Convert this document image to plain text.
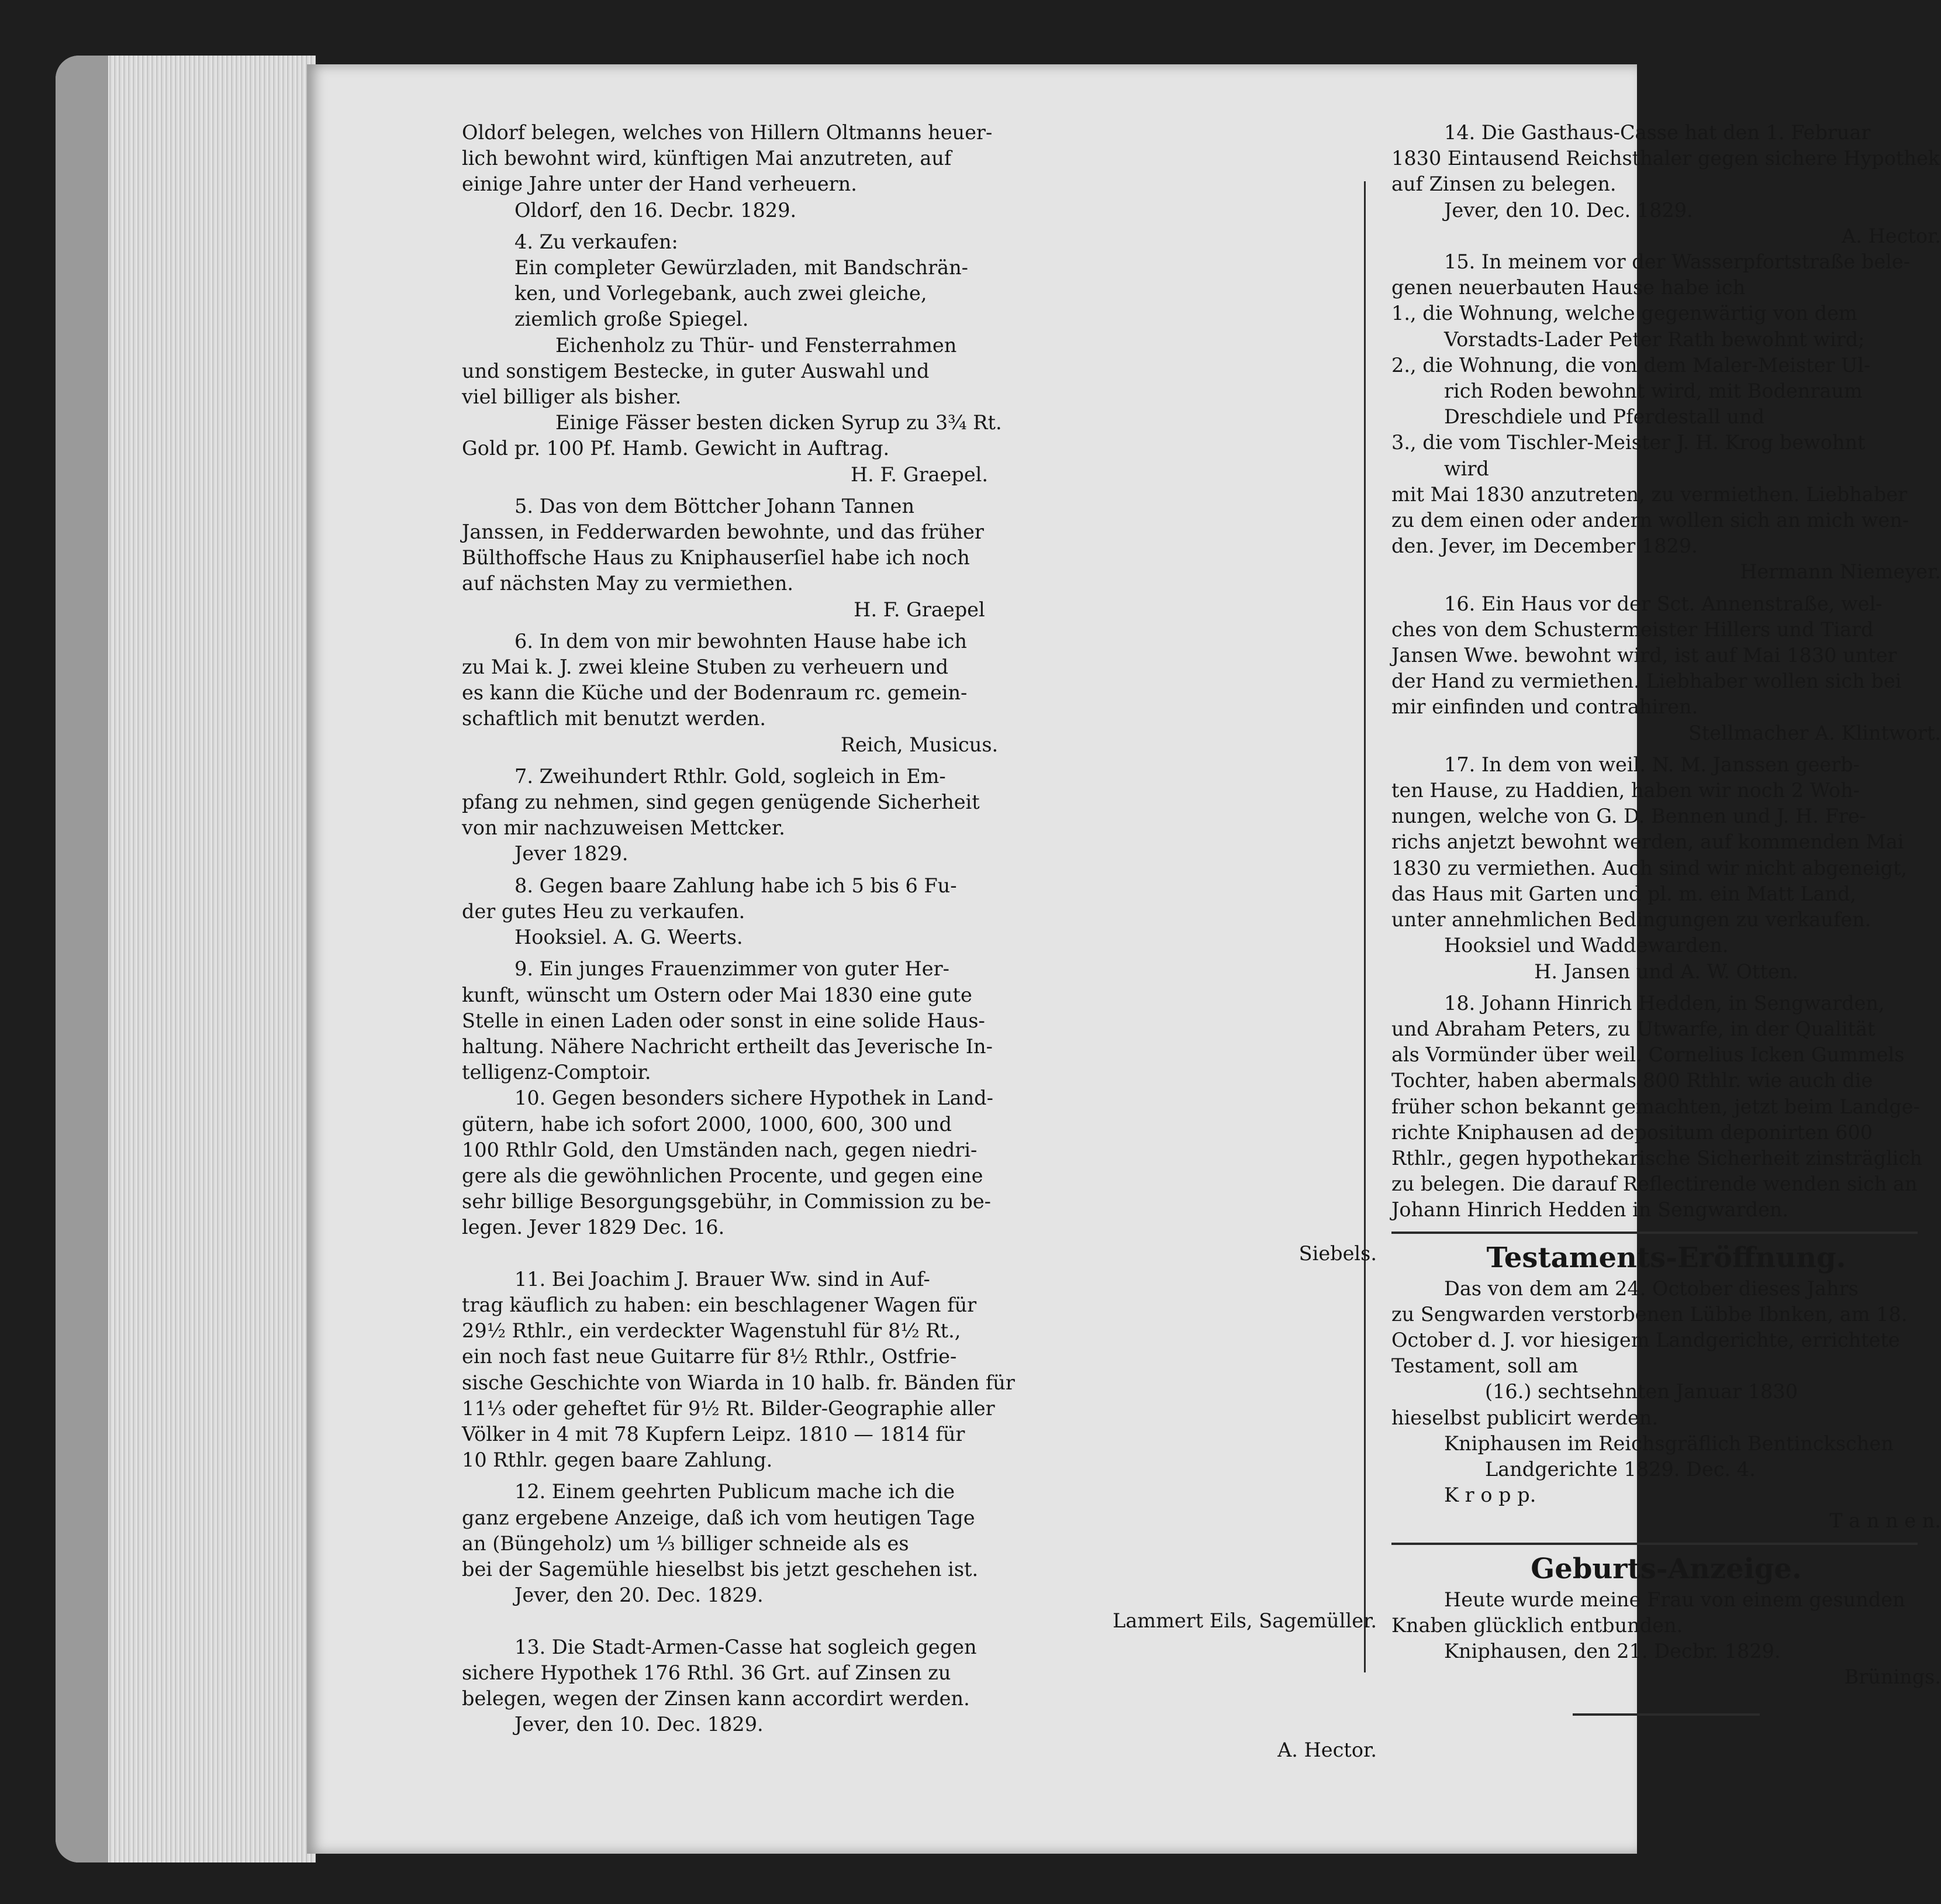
Oldorf belegen, welches von Hillern Oltmanns heuer-

lich bewohnt wird, künftigen Mai anzutreten, auf

einige Jahre unter der Hand verheuern.

Oldorf, den 16. Decbr. 1829.

4. Zu verkaufen:

Ein completer Gewürzladen, mit Bandschrän-

ken, und Vorlegebank, auch zwei gleiche,

ziemlich große Spiegel.

Eichenholz zu Thür- und Fensterrahmen

und sonstigem Bestecke, in guter Auswahl und

viel billiger als bisher.

Einige Fässer besten dicken Syrup zu 3¾ Rt.

Gold pr. 100 Pf. Hamb. Gewicht in Auftrag.

H. F. Graepel.

5. Das von dem Böttcher Johann Tannen

Janssen, in Fedderwarden bewohnte, und das früher

Bülthoffsche Haus zu Kniphauserſiel habe ich noch

auf nächsten May zu vermiethen.

H. F. Graepel

6. In dem von mir bewohnten Hause habe ich

zu Mai k. J. zwei kleine Stuben zu verheuern und

es kann die Küche und der Bodenraum rc. gemein-

schaftlich mit benutzt werden.

Reich, Musicus.

7. Zweihundert Rthlr. Gold, sogleich in Em-

pfang zu nehmen, sind gegen genügende Sicherheit

von mir nachzuweisen Mettcker.

Jever 1829.

8. Gegen baare Zahlung habe ich 5 bis 6 Fu-

der gutes Heu zu verkaufen.

Hooksiel. A. G. Weerts.

9. Ein junges Frauenzimmer von guter Her-

kunft, wünscht um Ostern oder Mai 1830 eine gute

Stelle in einen Laden oder sonst in eine solide Haus-

haltung. Nähere Nachricht ertheilt das Jeverische In-

telligenz-Comptoir.

10. Gegen besonders sichere Hypothek in Land-

gütern, habe ich sofort 2000, 1000, 600, 300 und

100 Rthlr Gold, den Umständen nach, gegen niedri-

gere als die gewöhnlichen Procente, und gegen eine

sehr billige Besorgungsgebühr, in Commission zu be-

legen. Jever 1829 Dec. 16.

Siebels.

11. Bei Joachim J. Brauer Ww. sind in Auf-

trag käuflich zu haben: ein beschlagener Wagen für

29½ Rthlr., ein verdeckter Wagenstuhl für 8½ Rt.,

ein noch fast neue Guitarre für 8½ Rthlr., Ostfrie-

sische Geschichte von Wiarda in 10 halb. fr. Bänden für

11⅓ oder geheftet für 9½ Rt. Bilder-Geographie aller

Völker in 4 mit 78 Kupfern Leipz. 1810 — 1814 für

10 Rthlr. gegen baare Zahlung.

12. Einem geehrten Publicum mache ich die

ganz ergebene Anzeige, daß ich vom heutigen Tage

an (Büngeholz) um ⅓ billiger schneide als es

bei der Sagemühle hieselbst bis jetzt geschehen ist.

Jever, den 20. Dec. 1829.

Lammert Eils, Sagemüller.

13. Die Stadt-Armen-Casse hat sogleich gegen

sichere Hypothek 176 Rthl. 36 Grt. auf Zinsen zu

belegen, wegen der Zinsen kann accordirt werden.

Jever, den 10. Dec. 1829.

A. Hector.

14. Die Gasthaus-Casse hat den 1. Februar

1830 Eintausend Reichsthaler gegen sichere Hypothek

auf Zinsen zu belegen.

Jever, den 10. Dec. 1829.

A. Hector.

15. In meinem vor der Wasserpfortstraße bele-

genen neuerbauten Hause habe ich

1., die Wohnung, welche gegenwärtig von dem

Vorstadts-Lader Peter Rath bewohnt wird;

2., die Wohnung, die von dem Maler-Meister Ul-

rich Roden bewohnt wird, mit Bodenraum

Dreschdiele und Pferdestall und

3., die vom Tischler-Meister J. H. Krog bewohnt

wird

mit Mai 1830 anzutreten, zu vermiethen. Liebhaber

zu dem einen oder andern wollen sich an mich wen-

den. Jever, im December 1829.

Hermann Niemeyer.

16. Ein Haus vor der Sct. Annenstraße, wel-

ches von dem Schustermeister Hillers und Tiard

Jansen Wwe. bewohnt wird, ist auf Mai 1830 unter

der Hand zu vermiethen. Liebhaber wollen sich bei

mir einfinden und contrahiren.

Stellmacher A. Klintwort.

17. In dem von weil. N. M. Janssen geerb-

ten Hause, zu Haddien, haben wir noch 2 Woh-

nungen, welche von G. D. Bennen und J. H. Fre-

richs anjetzt bewohnt werden, auf kommenden Mai

1830 zu vermiethen. Auch sind wir nicht abgeneigt,

das Haus mit Garten und pl. m. ein Matt Land,

unter annehmlichen Bedingungen zu verkaufen.

Hooksiel und Waddewarden.

H. Jansen und A. W. Otten.

18. Johann Hinrich Hedden, in Sengwarden,

und Abraham Peters, zu Utwarfe, in der Qualität

als Vormünder über weil. Cornelius Icken Gummels

Tochter, haben abermals 800 Rthlr. wie auch die

früher schon bekannt gemachten, jetzt beim Landge-

richte Kniphausen ad depositum deponirten 600

Rthlr., gegen hypothekarische Sicherheit zinsträglich

zu belegen. Die darauf Reflectirende wenden sich an

Johann Hinrich Hedden in Sengwarden.

Testaments-Eröffnung.

Das von dem am 24. October dieses Jahrs

zu Sengwarden verstorbenen Lübbe Ibnken, am 18.

October d. J. vor hiesigem Landgerichte, errichtete

Testament, soll am

(16.) sechtsehnten Januar 1830

hieselbst publicirt werden.

Kniphausen im Reichsgräflich Bentinckschen

Landgerichte 1829. Dec. 4.

K r o p p.

T a n n e n.

Geburts-Anzeige.

Heute wurde meine Frau von einem gesunden

Knaben glücklich entbunden.

Kniphausen, den 21. Decbr. 1829.

Brünings.
